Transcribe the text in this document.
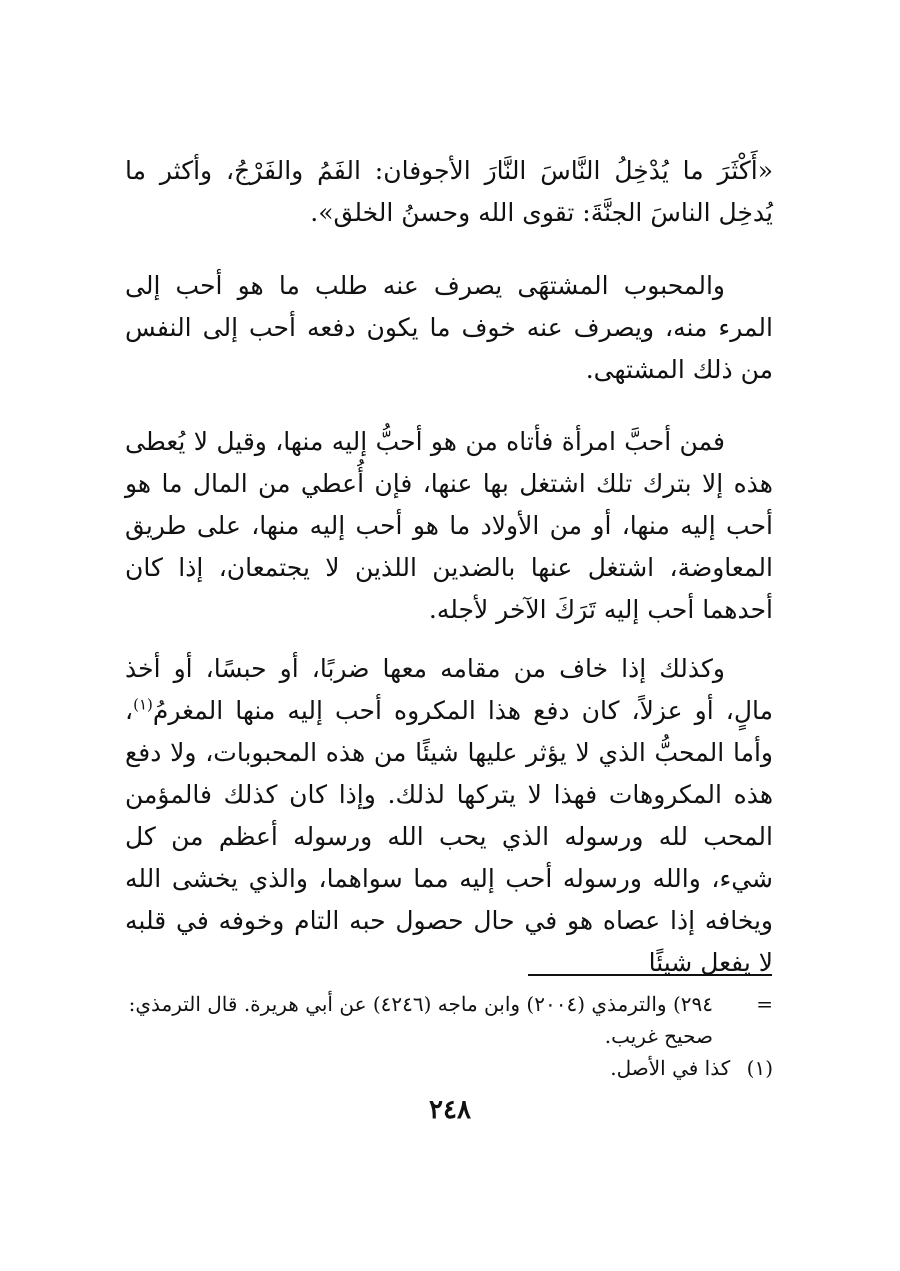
«أَكْثَرَ ما يُدْخِلُ النَّاسَ النَّارَ الأجوفان: الفَمُ والفَرْجُ، وأكثر ما يُدخِل الناسَ الجنَّةَ: تقوى الله وحسنُ الخلق».

والمحبوب المشتهَى يصرف عنه طلب ما هو أحب إلى المرء منه، ويصرف عنه خوف ما يكون دفعه أحب إلى النفس من ذلك المشتهى.

فمن أحبَّ امرأة فأتاه من هو أحبُّ إليه منها، وقيل لا يُعطى هذه إلا بترك تلك اشتغل بها عنها، فإن أُعطي من المال ما هو أحب إليه منها، أو من الأولاد ما هو أحب إليه منها، على طريق المعاوضة، اشتغل عنها بالضدين اللذين لا يجتمعان، إذا كان أحدهما أحب إليه تَرَكَ الآخر لأجله.

وكذلك إذا خاف من مقامه معها ضربًا، أو حبسًا، أو أخذ مالٍ، أو عزلاً، كان دفع هذا المكروه أحب إليه منها المغرمُ$^{(١)}$، وأما المحبُّ الذي لا يؤثر عليها شيئًا من هذه المحبوبات، ولا دفع هذه المكروهات فهذا لا يتركها لذلك. وإذا كان كذلك فالمؤمن المحب لله ورسوله الذي يحب الله ورسوله أعظم من كل شيء، والله ورسوله أحب إليه مما سواهما، والذي يخشى الله ويخافه إذا عصاه هو في حال حصول حبه التام وخوفه في قلبه لا يفعل شيئًا

=
٢٩٤) والترمذي (٢٠٠٤) وابن ماجه (٤٢٤٦) عن أبي هريرة. قال الترمذي:

صحيح غريب.

(١) كذا في الأصل.

٢٤٨
